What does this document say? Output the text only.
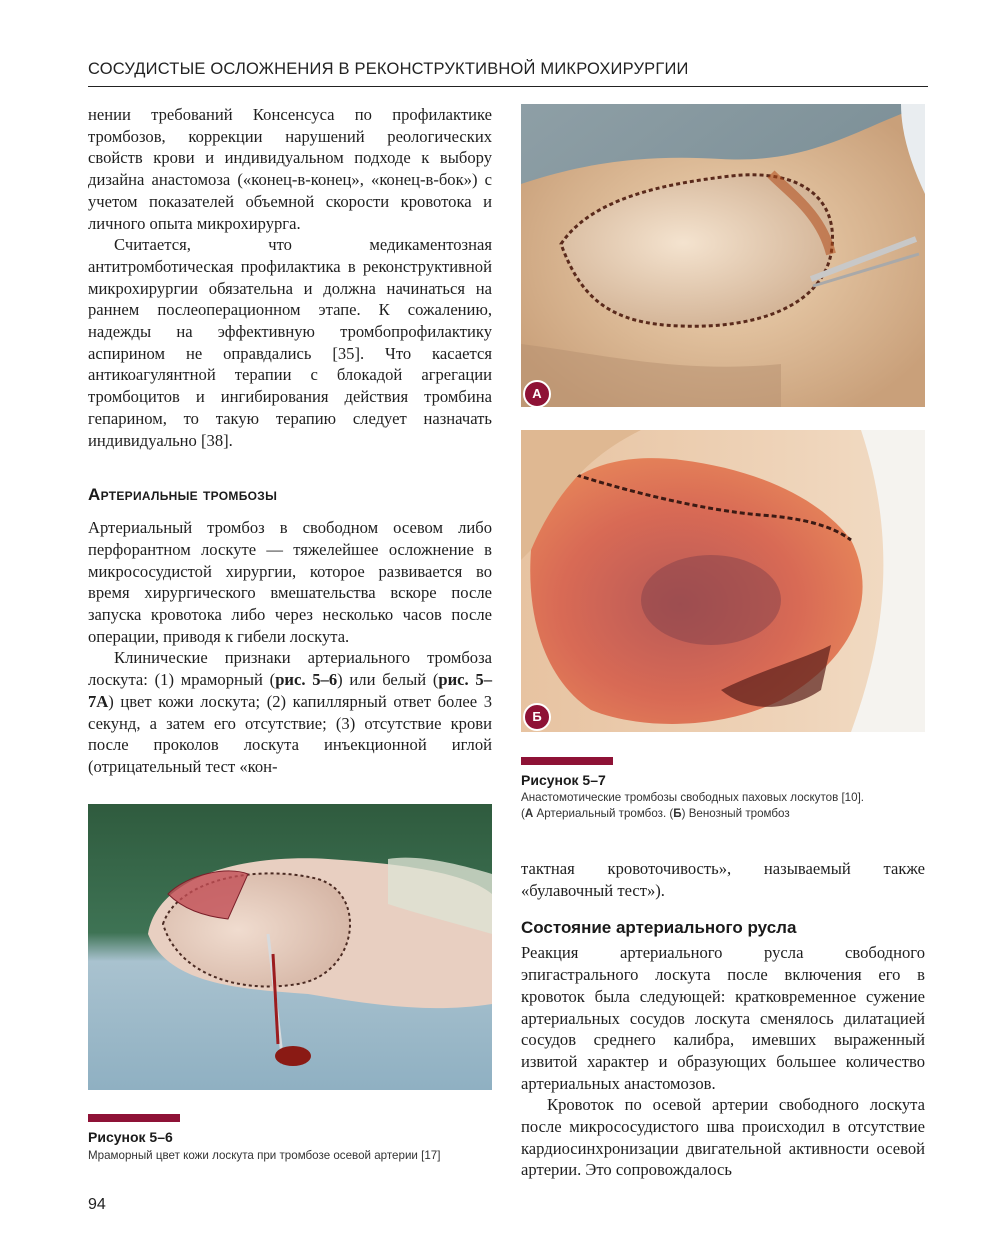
СОСУДИСТЫЕ ОСЛОЖНЕНИЯ В РЕКОНСТРУКТИВНОЙ МИКРОХИРУРГИИ

нении требований Консенсуса по профилактике тромбозов, коррекции нарушений реологических свойств крови и индивидуальном подходе к выбору дизайна анастомоза («конец-в-конец», «конец-в-бок») с учетом показателей объемной скорости кровотока и личного опыта микрохирурга.

Считается, что медикаментозная антитромботическая профилактика в реконструктивной микрохирургии обязательна и должна начинаться на раннем послеоперационном этапе. К сожалению, надежды на эффективную тромбопрофилактику аспирином не оправдались [35]. Что касается антикоагулянтной терапии с блокадой агрегации тромбоцитов и ингибирования действия тромбина гепарином, то такую терапию следует назначать индивидуально [38].

Артериальные тромбозы

Артериальный тромбоз в свободном осевом либо перфорантном лоскуте — тяжелейшее осложнение в микрососудистой хирургии, которое развивается во время хирургического вмешательства вскоре после запуска кровотока либо через несколько часов после операции, приводя к гибели лоскута.

Клинические признаки артериального тромбоза лоскута: (1) мраморный (рис. 5–6) или белый (рис. 5–7А) цвет кожи лоскута; (2) капиллярный ответ более 3 секунд, а затем его отсутствие; (3) отсутствие крови после проколов лоскута инъекционной иглой (отрицательный тест «кон-

А
Б
Рисунок 5–7
Анастомотические тромбозы свободных паховых лоскутов [10].
(А Артериальный тромбоз. (Б) Венозный тромбоз
Рисунок 5–6
Мраморный цвет кожи лоскута при тромбозе осевой артерии [17]

тактная кровоточивость», называемый также «булавочный тест»).

Состояние артериального русла

Реакция артериального русла свободного эпигастрального лоскута после включения его в кровоток была следующей: кратковременное сужение артериальных сосудов лоскута сменялось дилатацией сосудов среднего калибра, имевших выраженный извитой характер и образующих большее количество артериальных анастомозов.

Кровоток по осевой артерии свободного лоскута после микрососудистого шва происходил в отсутствие кардиосинхронизации двигательной активности осевой артерии. Это сопровождалось

94
